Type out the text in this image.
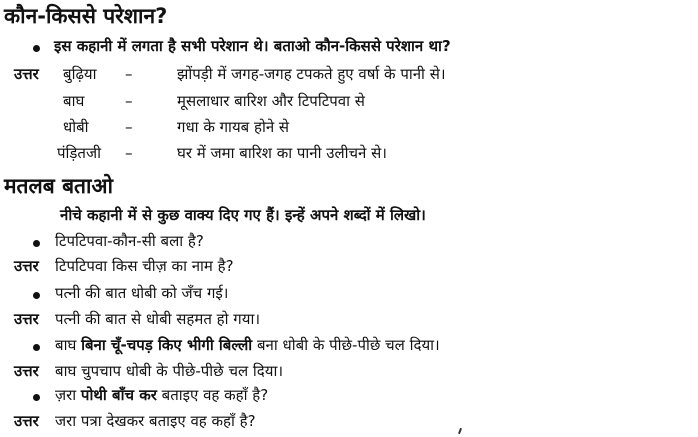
कौन-किससे परेशान?
इस कहानी में लगता है सभी परेशान थे। बताओ कौन-किससे परेशान था?
उत्तर बुढ़िया –	झोंपड़ी में जगह-जगह टपकते हुए वर्षा के पानी से।
बाघ	–	मूसलाधार बारिश और टिपटिपवा से
धोबी –	गधा के गायब होने से
पंड़ितजी –	घर में जमा बारिश का पानी उलीचने से।
मतलब बताओ
नीचे कहानी में से कुछ वाक्य दिए गए हैं। इन्हें अपने शब्दों में लिखो।
टिपटिपवा-कौन-सी बला है?
उत्तर टिपटिपवा किस चीज़ का नाम है?
पत्नी की बात धोबी को जँच गई।
उत्तर पत्नी की बात से धोबी सहमत हो गया।
बाघ बिना चूँ-चपड़ किए भीगी बिल्ली बना धोबी के पीछे-पीछे चल दिया।
उत्तर बाघ चुपचाप धोबी के पीछे-पीछे चल दिया।
ज़रा पोथी बाँच कर बताइए वह कहाँ है?
उत्तर जरा पत्रा देखकर बताइए वह कहाँ है?
